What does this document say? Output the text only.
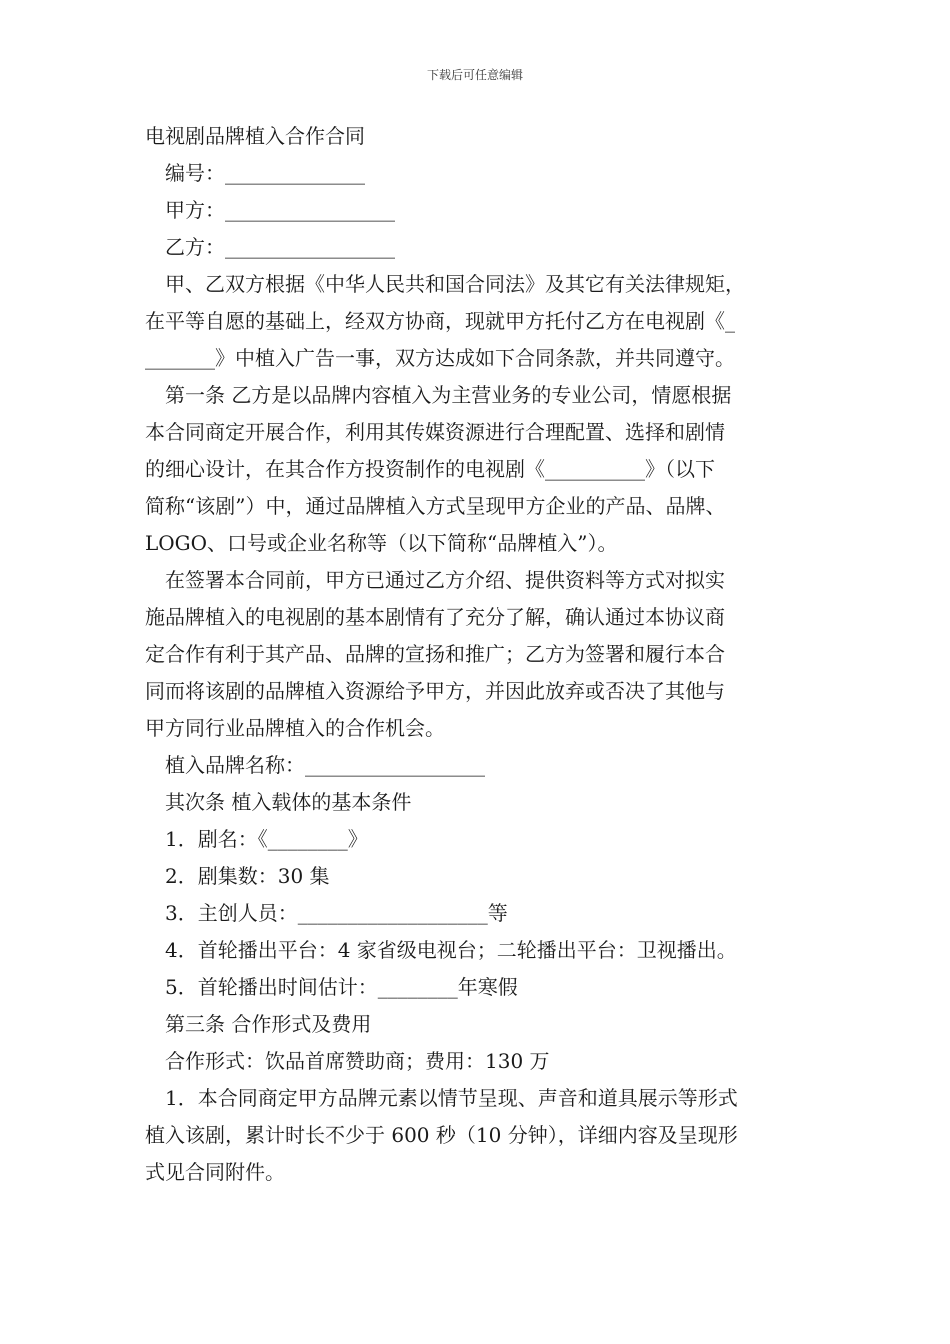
下载后可任意编辑

电视剧品牌植入合作合同

编号：______________

甲方：_________________

乙方：_________________

甲、乙双方根据《中华人民共和国合同法》及其它有关法律规矩，

在平等自愿的基础上，经双方协商，现就甲方托付乙方在电视剧《_

_______》中植入广告一事，双方达成如下合同条款，并共同遵守。

第一条 乙方是以品牌内容植入为主营业务的专业公司，情愿根据

本合同商定开展合作，利用其传媒资源进行合理配置、选择和剧情

的细心设计，在其合作方投资制作的电视剧《__________》（以下

简称“该剧”）中，通过品牌植入方式呈现甲方企业的产品、品牌、

LOGO、口号或企业名称等（以下简称“品牌植入”）。

在签署本合同前，甲方已通过乙方介绍、提供资料等方式对拟实

施品牌植入的电视剧的基本剧情有了充分了解，确认通过本协议商

定合作有利于其产品、品牌的宣扬和推广；乙方为签署和履行本合

同而将该剧的品牌植入资源给予甲方，并因此放弃或否决了其他与

甲方同行业品牌植入的合作机会。

植入品牌名称：__________________

其次条 植入载体的基本条件

1．剧名：《________》

2．剧集数：30 集

3．主创人员：___________________等

4．首轮播出平台：4 家省级电视台；二轮播出平台：卫视播出。

5．首轮播出时间估计：________年寒假

第三条 合作形式及费用

合作形式：饮品首席赞助商；费用：130 万

1．本合同商定甲方品牌元素以情节呈现、声音和道具展示等形式

植入该剧，累计时长不少于 600 秒（10 分钟），详细内容及呈现形

式见合同附件。
